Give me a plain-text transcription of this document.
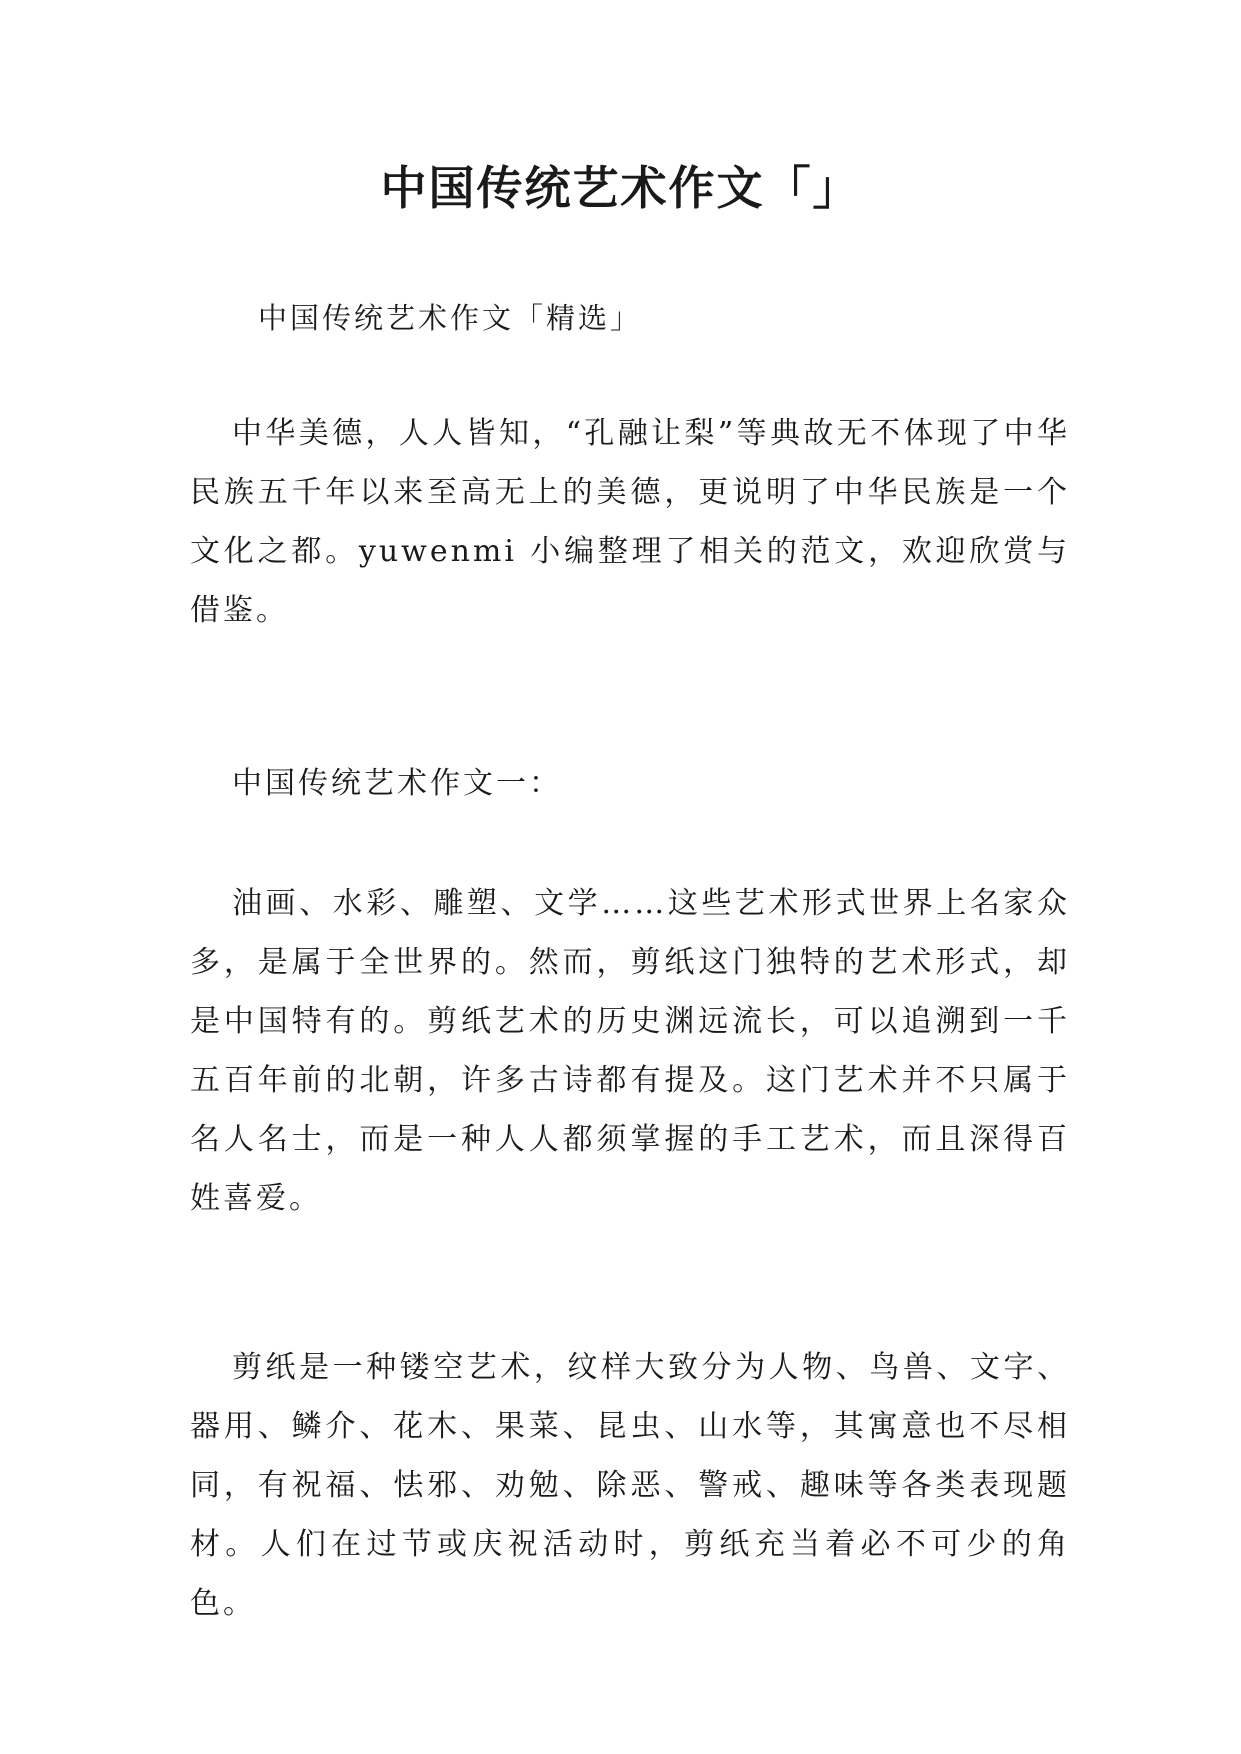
中国传统艺术作文「」

中国传统艺术作文「精选」

中华美德，人人皆知，“孔融让梨”等典故无不体现了中华民族五千年以来至高无上的美德，更说明了中华民族是一个文化之都。yuwenmi 小编整理了相关的范文，欢迎欣赏与借鉴。

中国传统艺术作文一：

油画、水彩、雕塑、文学……这些艺术形式世界上名家众多，是属于全世界的。然而，剪纸这门独特的艺术形式，却是中国特有的。剪纸艺术的历史渊远流长，可以追溯到一千五百年前的北朝，许多古诗都有提及。这门艺术并不只属于名人名士，而是一种人人都须掌握的手工艺术，而且深得百姓喜爱。

剪纸是一种镂空艺术，纹样大致分为人物、鸟兽、文字、器用、鳞介、花木、果菜、昆虫、山水等，其寓意也不尽相同，有祝福、怯邪、劝勉、除恶、警戒、趣味等各类表现题材。人们在过节或庆祝活动时，剪纸充当着必不可少的角色。
